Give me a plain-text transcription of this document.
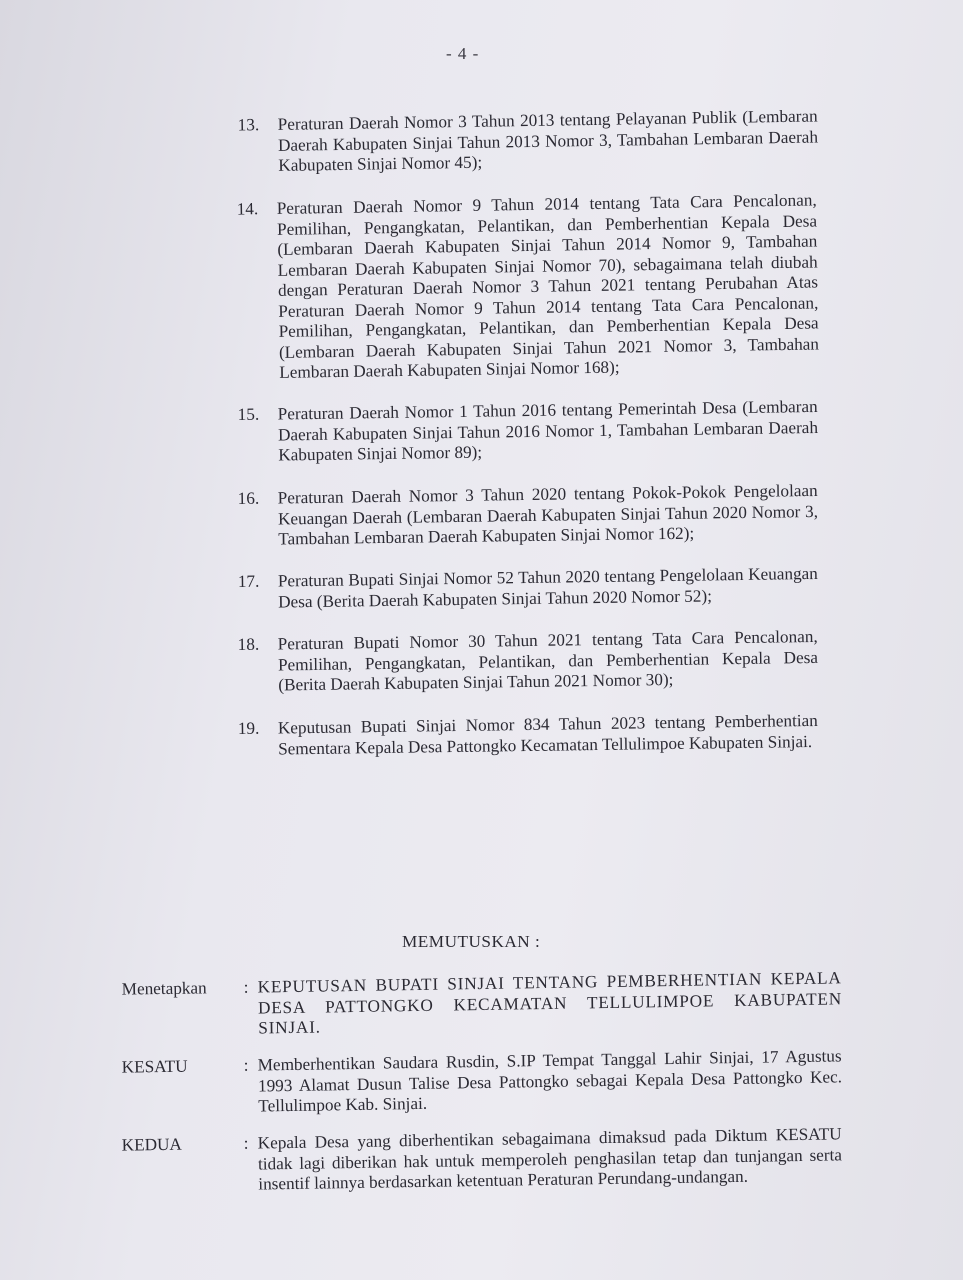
- 4 -
13.	Peraturan Daerah Nomor 3 Tahun 2013 tentang Pelayanan Publik (Lembaran Daerah Kabupaten Sinjai Tahun 2013 Nomor 3, Tambahan Lembaran Daerah Kabupaten Sinjai Nomor 45);
14.	Peraturan Daerah Nomor 9 Tahun 2014 tentang Tata Cara Pencalonan, Pemilihan, Pengangkatan, Pelantikan, dan Pemberhentian Kepala Desa (Lembaran Daerah Kabupaten Sinjai Tahun 2014 Nomor 9, Tambahan Lembaran Daerah Kabupaten Sinjai Nomor 70), sebagaimana telah diubah dengan Peraturan Daerah Nomor 3 Tahun 2021 tentang Perubahan Atas Peraturan Daerah Nomor 9 Tahun 2014 tentang Tata Cara Pencalonan, Pemilihan, Pengangkatan, Pelantikan, dan Pemberhentian Kepala Desa (Lembaran Daerah Kabupaten Sinjai Tahun 2021 Nomor 3, Tambahan Lembaran Daerah Kabupaten Sinjai Nomor 168);
15.	Peraturan Daerah Nomor 1 Tahun 2016 tentang Pemerintah Desa (Lembaran Daerah Kabupaten Sinjai Tahun 2016 Nomor 1, Tambahan Lembaran Daerah Kabupaten Sinjai Nomor 89);
16.	Peraturan Daerah Nomor 3 Tahun 2020 tentang Pokok-Pokok Pengelolaan Keuangan Daerah (Lembaran Daerah Kabupaten Sinjai Tahun 2020 Nomor 3, Tambahan Lembaran Daerah Kabupaten Sinjai Nomor 162);
17.	Peraturan Bupati Sinjai Nomor 52 Tahun 2020 tentang Pengelolaan Keuangan Desa (Berita Daerah Kabupaten Sinjai Tahun 2020 Nomor 52);
18.	Peraturan Bupati Nomor 30 Tahun 2021 tentang Tata Cara Pencalonan, Pemilihan, Pengangkatan, Pelantikan, dan Pemberhentian Kepala Desa (Berita Daerah Kabupaten Sinjai Tahun 2021 Nomor 30);
19.	Keputusan Bupati Sinjai Nomor 834 Tahun 2023 tentang Pemberhentian Sementara Kepala Desa Pattongko Kecamatan Tellulimpoe Kabupaten Sinjai.
MEMUTUSKAN :
Menetapkan	: KEPUTUSAN BUPATI SINJAI TENTANG PEMBERHENTIAN KEPALA DESA PATTONGKO KECAMATAN TELLULIMPOE KABUPATEN SINJAI.
KESATU	: Memberhentikan Saudara Rusdin, S.IP Tempat Tanggal Lahir Sinjai, 17 Agustus 1993 Alamat Dusun Talise Desa Pattongko sebagai Kepala Desa Pattongko Kec. Tellulimpoe Kab. Sinjai.
KEDUA	: Kepala Desa yang diberhentikan sebagaimana dimaksud pada Diktum KESATU tidak lagi diberikan hak untuk memperoleh penghasilan tetap dan tunjangan serta insentif lainnya berdasarkan ketentuan Peraturan Perundang-undangan.
